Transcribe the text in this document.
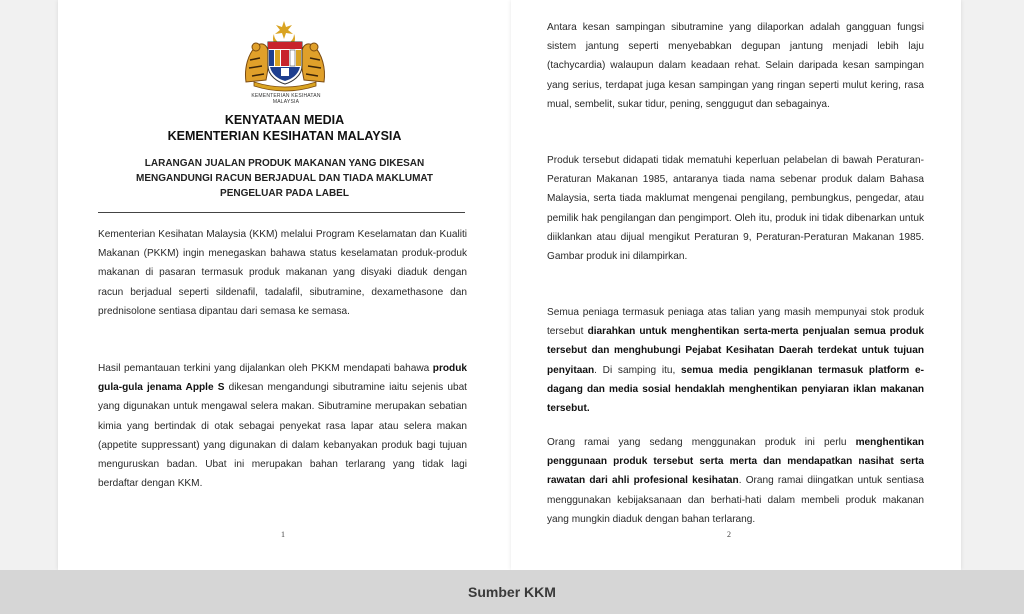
KEMENTERIAN KESIHATAN MALAYSIA
KENYATAAN MEDIA
KEMENTERIAN KESIHATAN MALAYSIA
LARANGAN JUALAN PRODUK MAKANAN YANG DIKESAN
MENGANDUNGI RACUN BERJADUAL DAN TIADA MAKLUMAT
PENGELUAR PADA LABEL

Kementerian Kesihatan Malaysia (KKM) melalui Program Keselamatan dan Kualiti Makanan (PKKM) ingin menegaskan bahawa status keselamatan produk-produk makanan di pasaran termasuk produk makanan yang disyaki diaduk dengan racun berjadual seperti sildenafil, tadalafil, sibutramine, dexamethasone dan prednisolone sentiasa dipantau dari semasa ke semasa.

Hasil pemantauan terkini yang dijalankan oleh PKKM mendapati bahawa produk gula-gula jenama Apple S dikesan mengandungi sibutramine iaitu sejenis ubat yang digunakan untuk mengawal selera makan. Sibutramine merupakan sebatian kimia yang bertindak di otak sebagai penyekat rasa lapar atau selera makan (appetite suppressant) yang digunakan di dalam kebanyakan produk bagi tujuan menguruskan badan. Ubat ini merupakan bahan terlarang yang tidak lagi berdaftar dengan KKM.

1

Antara kesan sampingan sibutramine yang dilaporkan adalah gangguan fungsi sistem jantung seperti menyebabkan degupan jantung menjadi lebih laju (tachycardia) walaupun dalam keadaan rehat. Selain daripada kesan sampingan yang serius, terdapat juga kesan sampingan yang ringan seperti mulut kering, rasa mual, sembelit, sukar tidur, pening, senggugut dan sebagainya.

Produk tersebut didapati tidak mematuhi keperluan pelabelan di bawah Peraturan-Peraturan Makanan 1985, antaranya tiada nama sebenar produk dalam Bahasa Malaysia, serta tiada maklumat mengenai pengilang, pembungkus, pengedar, atau pemilik hak pengilangan dan pengimport. Oleh itu, produk ini tidak dibenarkan untuk diiklankan atau dijual mengikut Peraturan 9, Peraturan-Peraturan Makanan 1985. Gambar produk ini dilampirkan.

Semua peniaga termasuk peniaga atas talian yang masih mempunyai stok produk tersebut diarahkan untuk menghentikan serta-merta penjualan semua produk tersebut dan menghubungi Pejabat Kesihatan Daerah terdekat untuk tujuan penyitaan. Di samping itu, semua media pengiklanan termasuk platform e-dagang dan media sosial hendaklah menghentikan penyiaran iklan makanan tersebut.

Orang ramai yang sedang menggunakan produk ini perlu menghentikan penggunaan produk tersebut serta merta dan mendapatkan nasihat serta rawatan dari ahli profesional kesihatan. Orang ramai diingatkan untuk sentiasa menggunakan kebijaksanaan dan berhati-hati dalam membeli produk makanan yang mungkin diaduk dengan bahan terlarang.

2
Sumber KKM
